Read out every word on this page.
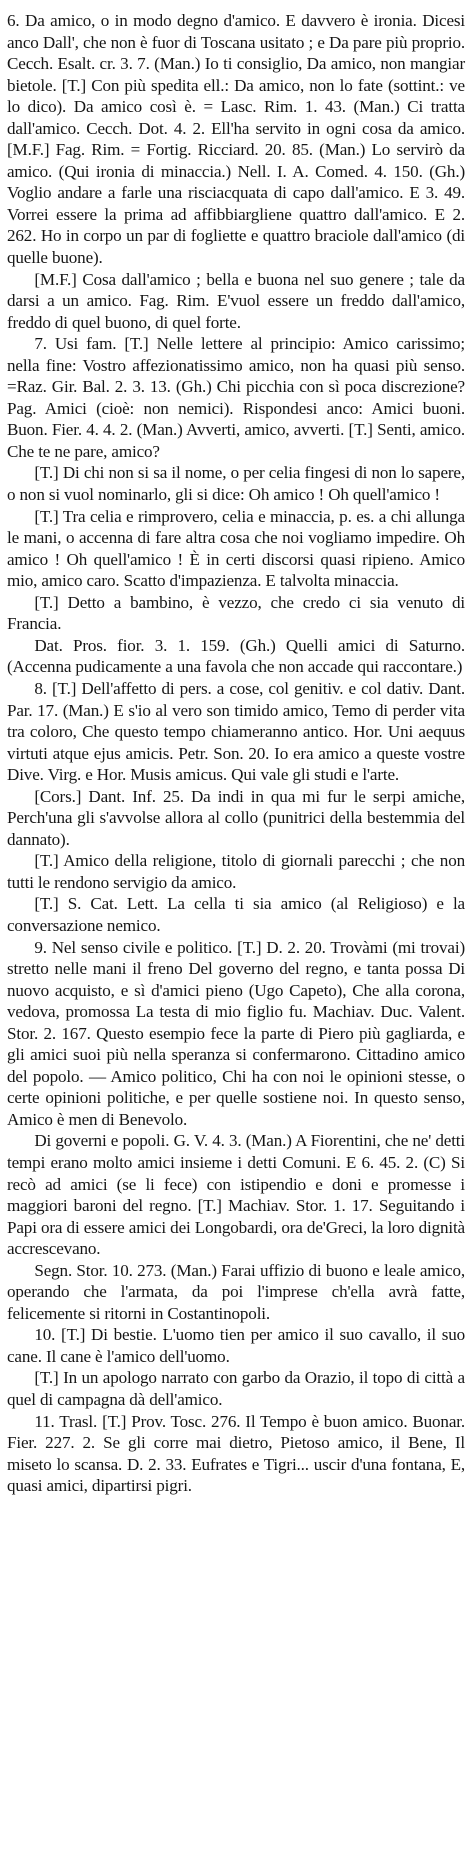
6. Da amico, o in modo degno d'amico. E davvero è ironia. Dicesi anco Dall', che non è fuor di Toscana usitato ; e Da pare più proprio. Cecch. Esalt. cr. 3. 7. (Man.) Io ti consiglio, Da amico, non mangiar bietole. [T.] Con più spedita ell.: Da amico, non lo fate (sottint.: ve lo dico). Da amico così è. = Lasc. Rim. 1. 43. (Man.) Ci tratta dall'amico. Cecch. Dot. 4. 2. Ell'ha servito in ogni cosa da amico. [M.F.] Fag. Rim. = Fortig. Ricciard. 20. 85. (Man.) Lo servirò da amico. (Qui ironia di minaccia.) Nell. I. A. Comed. 4. 150. (Gh.) Voglio andare a farle una risciacquata di capo dall'amico. E 3. 49. Vorrei essere la prima ad affibbiargliene quattro dall'amico. E 2. 262. Ho in corpo un par di fogliette e quattro braciole dall'amico (di quelle buone).

[M.F.] Cosa dall'amico ; bella e buona nel suo genere ; tale da darsi a un amico. Fag. Rim. E'vuol essere un freddo dall'amico, freddo di quel buono, di quel forte.

7. Usi fam. [T.] Nelle lettere al principio: Amico carissimo; nella fine: Vostro affezionatissimo amico, non ha quasi più senso. =Raz. Gir. Bal. 2. 3. 13. (Gh.) Chi picchia con sì poca discrezione? Pag. Amici (cioè: non nemici). Rispondesi anco: Amici buoni. Buon. Fier. 4. 4. 2. (Man.) Avverti, amico, avverti. [T.] Senti, amico. Che te ne pare, amico?

[T.] Di chi non si sa il nome, o per celia fingesi di non lo sapere, o non si vuol nominarlo, gli si dice: Oh amico ! Oh quell'amico !

[T.] Tra celia e rimprovero, celia e minaccia, p. es. a chi allunga le mani, o accenna di fare altra cosa che noi vogliamo impedire. Oh amico ! Oh quell'amico ! È in certi discorsi quasi ripieno. Amico mio, amico caro. Scatto d'impazienza. E talvolta minaccia.

[T.] Detto a bambino, è vezzo, che credo ci sia venuto di Francia.

Dat. Pros. fior. 3. 1. 159. (Gh.) Quelli amici di Saturno. (Accenna pudicamente a una favola che non accade qui raccontare.)

8. [T.] Dell'affetto di pers. a cose, col genitiv. e col dativ. Dant. Par. 17. (Man.) E s'io al vero son timido amico, Temo di perder vita tra coloro, Che questo tempo chiameranno antico. Hor. Uni aequus virtuti atque ejus amicis. Petr. Son. 20. Io era amico a queste vostre Dive. Virg. e Hor. Musis amicus. Qui vale gli studi e l'arte.

[Cors.] Dant. Inf. 25. Da indi in qua mi fur le serpi amiche, Perch'una gli s'avvolse allora al collo (punitrici della bestemmia del dannato).

[T.] Amico della religione, titolo di giornali parecchi ; che non tutti le rendono servigio da amico.

[T.] S. Cat. Lett. La cella ti sia amico (al Religioso) e la conversazione nemico.

9. Nel senso civile e politico. [T.] D. 2. 20. Trovàmi (mi trovai) stretto nelle mani il freno Del governo del regno, e tanta possa Di nuovo acquisto, e sì d'amici pieno (Ugo Capeto), Che alla corona, vedova, promossa La testa di mio figlio fu. Machiav. Duc. Valent. Stor. 2. 167. Questo esempio fece la parte di Piero più gagliarda, e gli amici suoi più nella speranza si confermarono. Cittadino amico del popolo. — Amico politico, Chi ha con noi le opinioni stesse, o certe opinioni politiche, e per quelle sostiene noi. In questo senso, Amico è men di Benevolo.

Di governi e popoli. G. V. 4. 3. (Man.) A Fiorentini, che ne' detti tempi erano molto amici insieme i detti Comuni. E 6. 45. 2. (C) Si recò ad amici (se li fece) con istipendio e doni e promesse i maggiori baroni del regno. [T.] Machiav. Stor. 1. 17. Seguitando i Papi ora di essere amici dei Longobardi, ora de'Greci, la loro dignità accrescevano.

Segn. Stor. 10. 273. (Man.) Farai uffizio di buono e leale amico, operando che l'armata, da poi l'imprese ch'ella avrà fatte, felicemente si ritorni in Costantinopoli.

10. [T.] Di bestie. L'uomo tien per amico il suo cavallo, il suo cane. Il cane è l'amico dell'uomo.

[T.] In un apologo narrato con garbo da Orazio, il topo di città a quel di campagna dà dell'amico.

11. Trasl. [T.] Prov. Tosc. 276. Il Tempo è buon amico. Buonar. Fier. 227. 2. Se gli corre mai dietro, Pietoso amico, il Bene, Il miseto lo scansa. D. 2. 33. Eufrates e Tigri... uscir d'una fontana, E, quasi amici, dipartirsi pigri.
